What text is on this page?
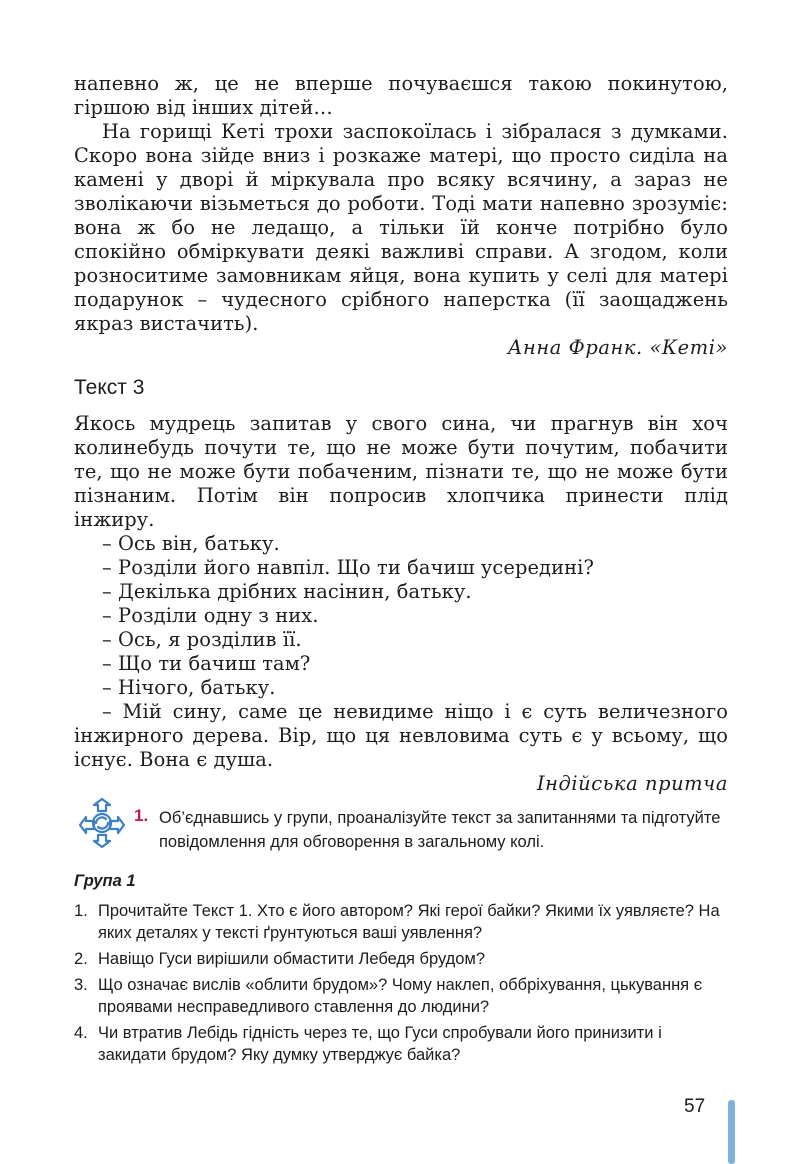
напевно ж, це не вперше почуваєшся такою покинутою, гіршою від інших дітей…
На горищі Кеті трохи заспокоїлась і зібралася з думками. Скоро вона зійде вниз і розкаже матері, що просто сиділа на камені у дворі й міркувала про всяку всячину, а зараз не зволікаючи візьметься до роботи. Тоді мати напевно зрозуміє: вона ж бо не ледащо, а тільки їй конче потрібно було спокійно обміркувати деякі важливі справи. А згодом, коли розноситиме замовникам яйця, вона купить у селі для матері подарунок – чудесного срібного наперстка (її заощаджень якраз вистачить).
Анна Франк. «Кеті»
Текст 3
Якось мудрець запитав у свого сина, чи прагнув він хоч колинебудь почути те, що не може бути почутим, побачити те, що не може бути побаченим, пізнати те, що не може бути пізнаним. Потім він попросив хлопчика принести плід інжиру.
– Ось він, батьку.
– Розділи його навпіл. Що ти бачиш усередині?
– Декілька дрібних насінин, батьку.
– Розділи одну з них.
– Ось, я розділив її.
– Що ти бачиш там?
– Нічого, батьку.
– Мій сину, саме це невидиме ніщо і є суть величезного інжирного дерева. Вір, що ця невловима суть є у всьому, що існує. Вона є душа.
Індійська притча
1. Об’єднавшись у групи, проаналізуйте текст за запитаннями та підготуйте повідомлення для обговорення в загальному колі.
Група 1
1. Прочитайте Текст 1. Хто є його автором? Які герої байки? Якими їх уявляєте? На яких деталях у тексті ґрунтуються ваші уявлення?
2. Навіщо Гуси вирішили обмастити Лебедя брудом?
3. Що означає вислів «облити брудом»? Чому наклеп, оббріхування, цькування є проявами несправедливого ставлення до людини?
4. Чи втратив Лебідь гідність через те, що Гуси спробували його принизити і закидати брудом? Яку думку утверджує байка?
57
